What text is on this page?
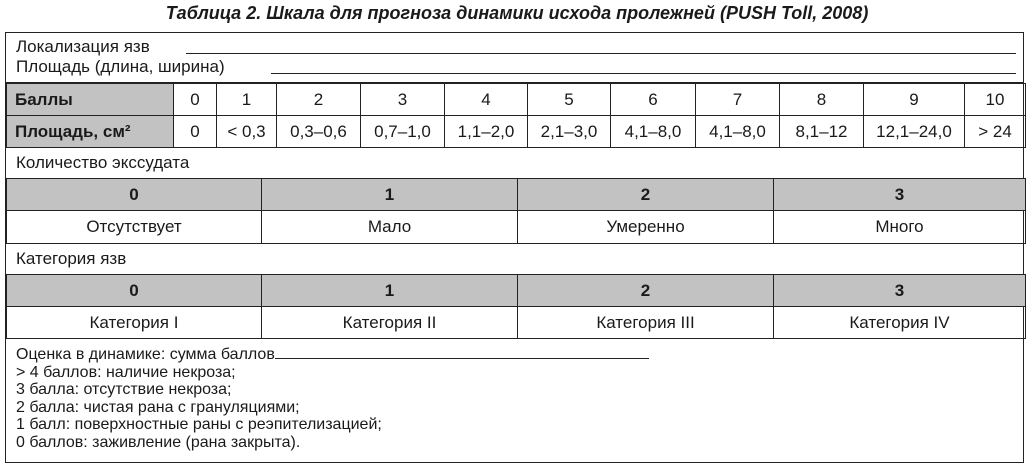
Таблица 2. Шкала для прогноза динамики исхода пролежней (PUSH Toll, 2008)
Локализация язв
Площадь (длина, ширина)
Баллы	0	1	2	3	4	5	6	7	8	9	10
Площадь, см²	0	< 0,3	0,3–0,6	0,7–1,0	1,1–2,0	2,1–3,0	4,1–8,0	4,1–8,0	8,1–12	12,1–24,0	> 24
Количество экссудата
0	1	2	3
Отсутствует	Мало	Умеренно	Много
Категория язв
0	1	2	3
Категория I	Категория II	Категория III	Категория IV
Оценка в динамике: сумма баллов
> 4 баллов: наличие некроза;
3 балла: отсутствие некроза;
2 балла: чистая рана с грануляциями;
1 балл: поверхностные раны с реэпителизацией;
0 баллов: заживление (рана закрыта).
